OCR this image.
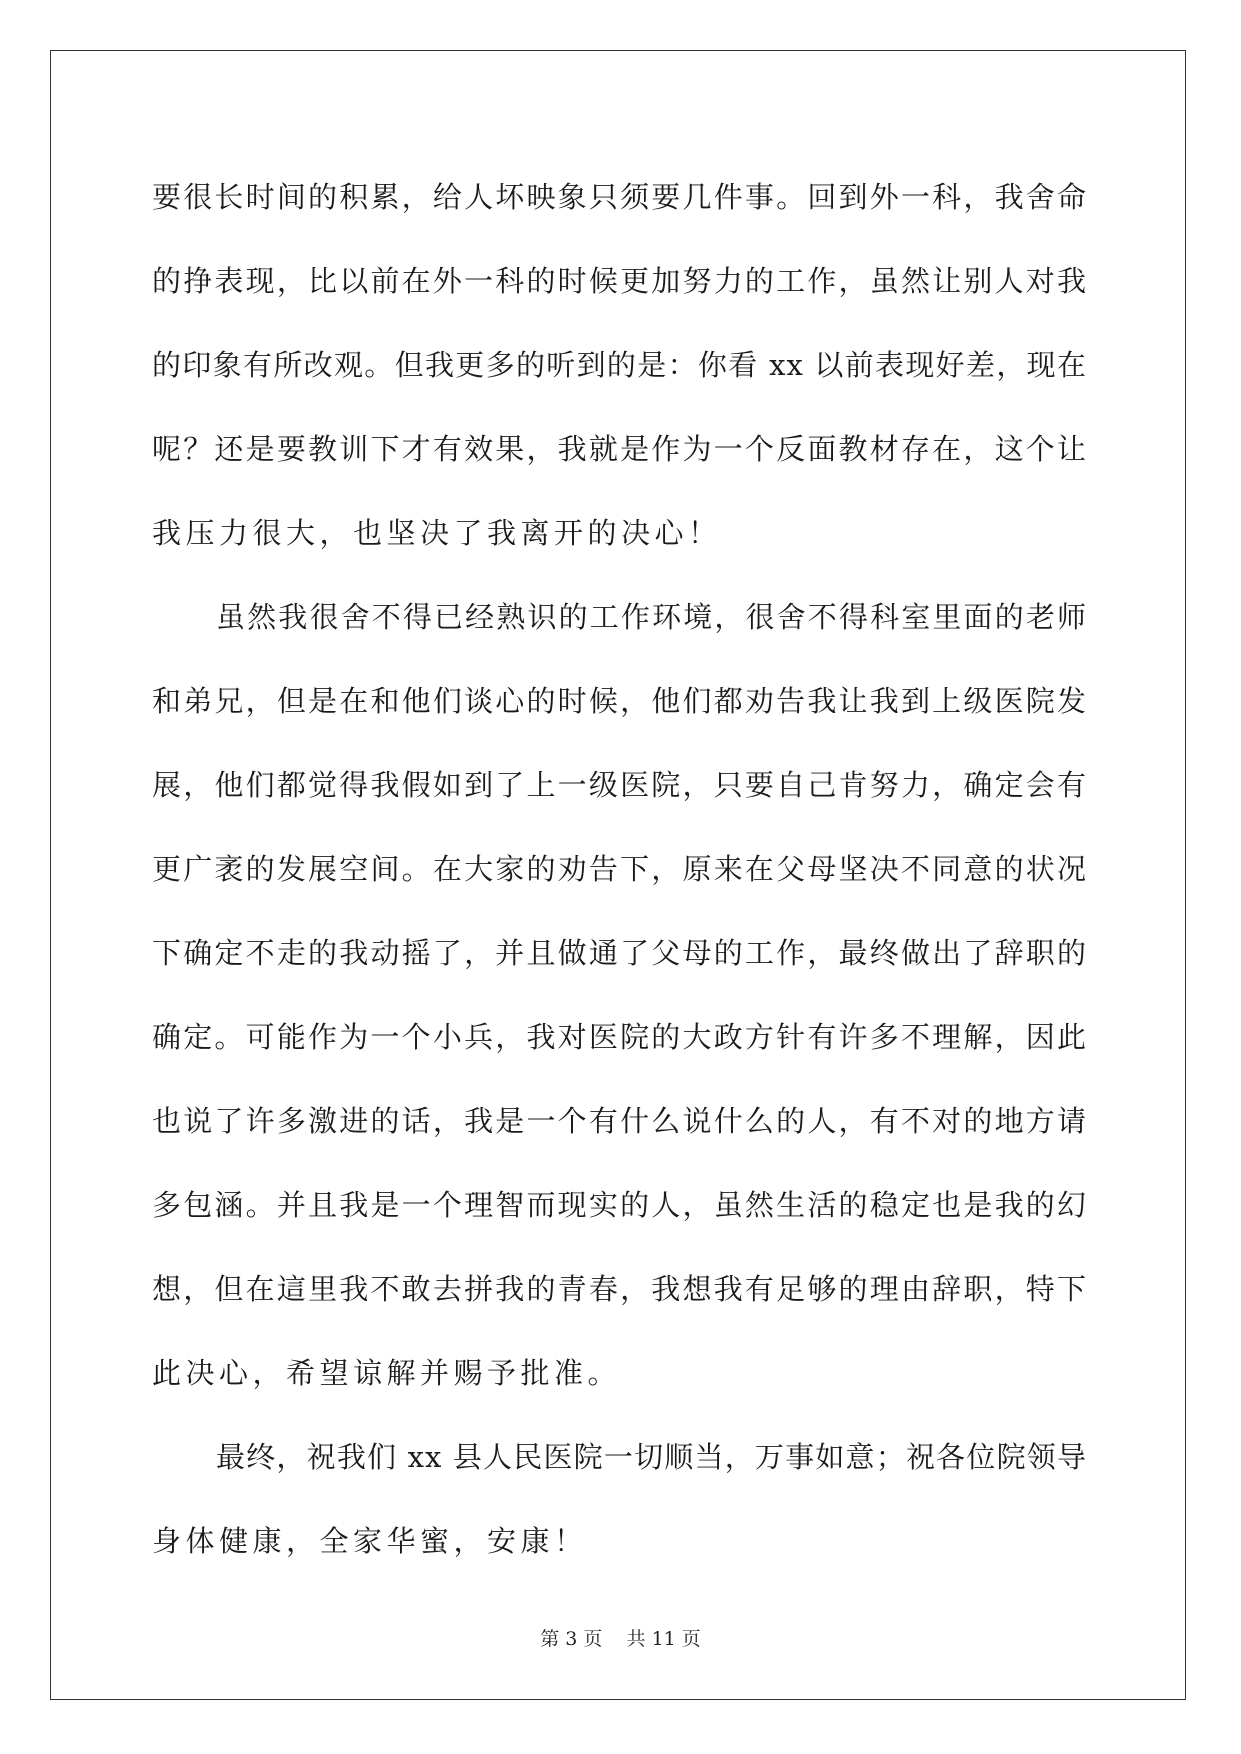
要很长时间的积累，给人坏映象只须要几件事。回到外一科，我舍命
的挣表现，比以前在外一科的时候更加努力的工作，虽然让别人对我
的印象有所改观。但我更多的听到的是：你看 xx 以前表现好差，现在
呢？还是要教训下才有效果，我就是作为一个反面教材存在，这个让
我压力很大，也坚决了我离开的决心！
虽然我很舍不得已经熟识的工作环境，很舍不得科室里面的老师
和弟兄，但是在和他们谈心的时候，他们都劝告我让我到上级医院发
展，他们都觉得我假如到了上一级医院，只要自己肯努力，确定会有
更广袤的发展空间。在大家的劝告下，原来在父母坚决不同意的状况
下确定不走的我动摇了，并且做通了父母的工作，最终做出了辞职的
确定。可能作为一个小兵，我对医院的大政方针有许多不理解，因此
也说了许多激进的话，我是一个有什么说什么的人，有不对的地方请
多包涵。并且我是一个理智而现实的人，虽然生活的稳定也是我的幻
想，但在這里我不敢去拼我的青春，我想我有足够的理由辞职，特下
此决心，希望谅解并赐予批准。
最终，祝我们 xx 县人民医院一切顺当，万事如意；祝各位院领导
身体健康，全家华蜜，安康！
第 3 页 共 11 页
